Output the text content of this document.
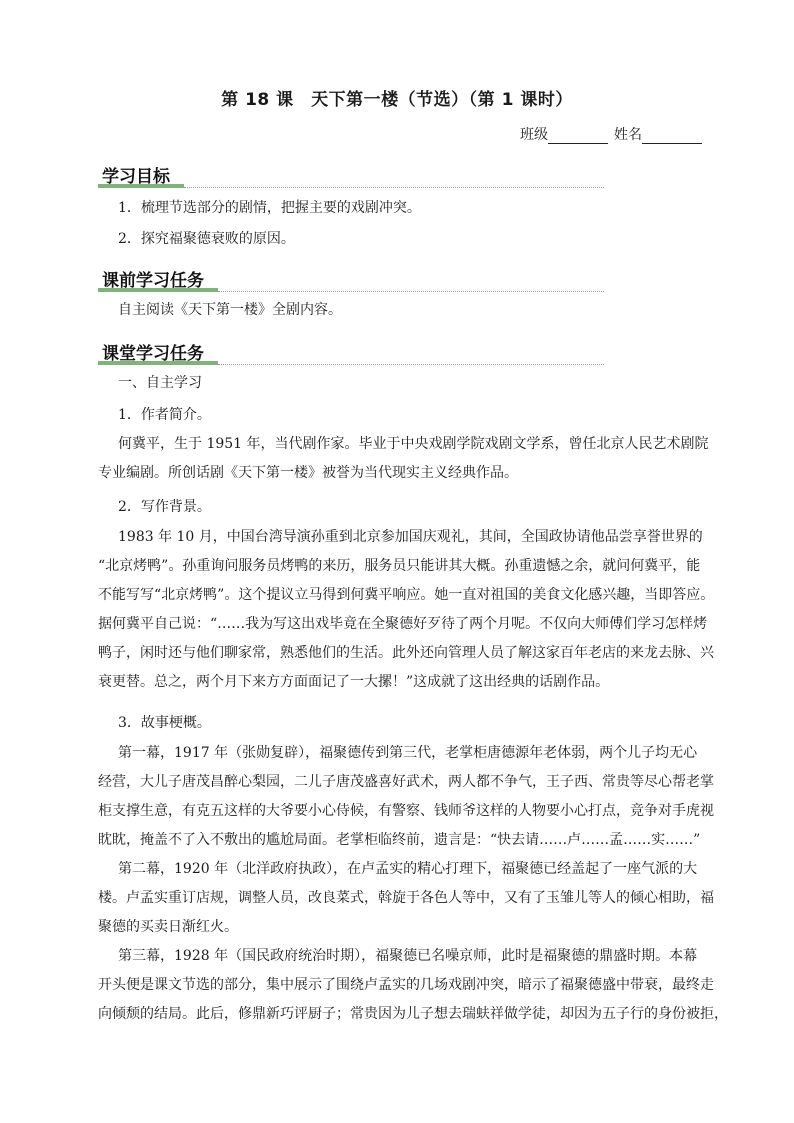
第 18 课　天下第一楼（节选）（第 1 课时）
班级	姓名
学习目标
1．梳理节选部分的剧情，把握主要的戏剧冲突。
2．探究福聚德衰败的原因。
课前学习任务
自主阅读《天下第一楼》全剧内容。
课堂学习任务
一、自主学习
1．作者简介。
何冀平，生于 1951 年，当代剧作家。毕业于中央戏剧学院戏剧文学系，曾任北京人民艺术剧院
专业编剧。所创话剧《天下第一楼》被誉为当代现实主义经典作品。
2．写作背景。
1983 年 10 月，中国台湾导演孙重到北京参加国庆观礼，其间，全国政协请他品尝享誉世界的
“北京烤鸭”。孙重询问服务员烤鸭的来历，服务员只能讲其大概。孙重遗憾之余，就问何冀平，能
不能写写“北京烤鸭”。这个提议立马得到何冀平响应。她一直对祖国的美食文化感兴趣，当即答应。
据何冀平自己说：“……我为写这出戏毕竟在全聚德好歹待了两个月呢。不仅向大师傅们学习怎样烤
鸭子，闲时还与他们聊家常，熟悉他们的生活。此外还向管理人员了解这家百年老店的来龙去脉、兴
衰更替。总之，两个月下来方方面面记了一大摞！”这成就了这出经典的话剧作品。
3．故事梗概。
第一幕，1917 年（张勋复辟），福聚德传到第三代，老掌柜唐德源年老体弱，两个儿子均无心
经营，大儿子唐茂昌醉心梨园，二儿子唐茂盛喜好武术，两人都不争气，王子西、常贵等尽心帮老掌
柜支撑生意，有克五这样的大爷要小心侍候，有警察、钱师爷这样的人物要小心打点，竞争对手虎视
眈眈，掩盖不了入不敷出的尴尬局面。老掌柜临终前，遗言是：“快去请……卢……孟……实……”
第二幕，1920 年（北洋政府执政），在卢孟实的精心打理下，福聚德已经盖起了一座气派的大
楼。卢孟实重订店规，调整人员，改良菜式，斡旋于各色人等中，又有了玉雏儿等人的倾心相助，福
聚德的买卖日渐红火。
第三幕，1928 年（国民政府统治时期），福聚德已名噪京师，此时是福聚德的鼎盛时期。本幕
开头便是课文节选的部分，集中展示了围绕卢孟实的几场戏剧冲突，暗示了福聚德盛中带衰，最终走
向倾颓的结局。此后，修鼎新巧评厨子；常贵因为儿子想去瑞蚨祥做学徒，却因为五子行的身份被拒，
